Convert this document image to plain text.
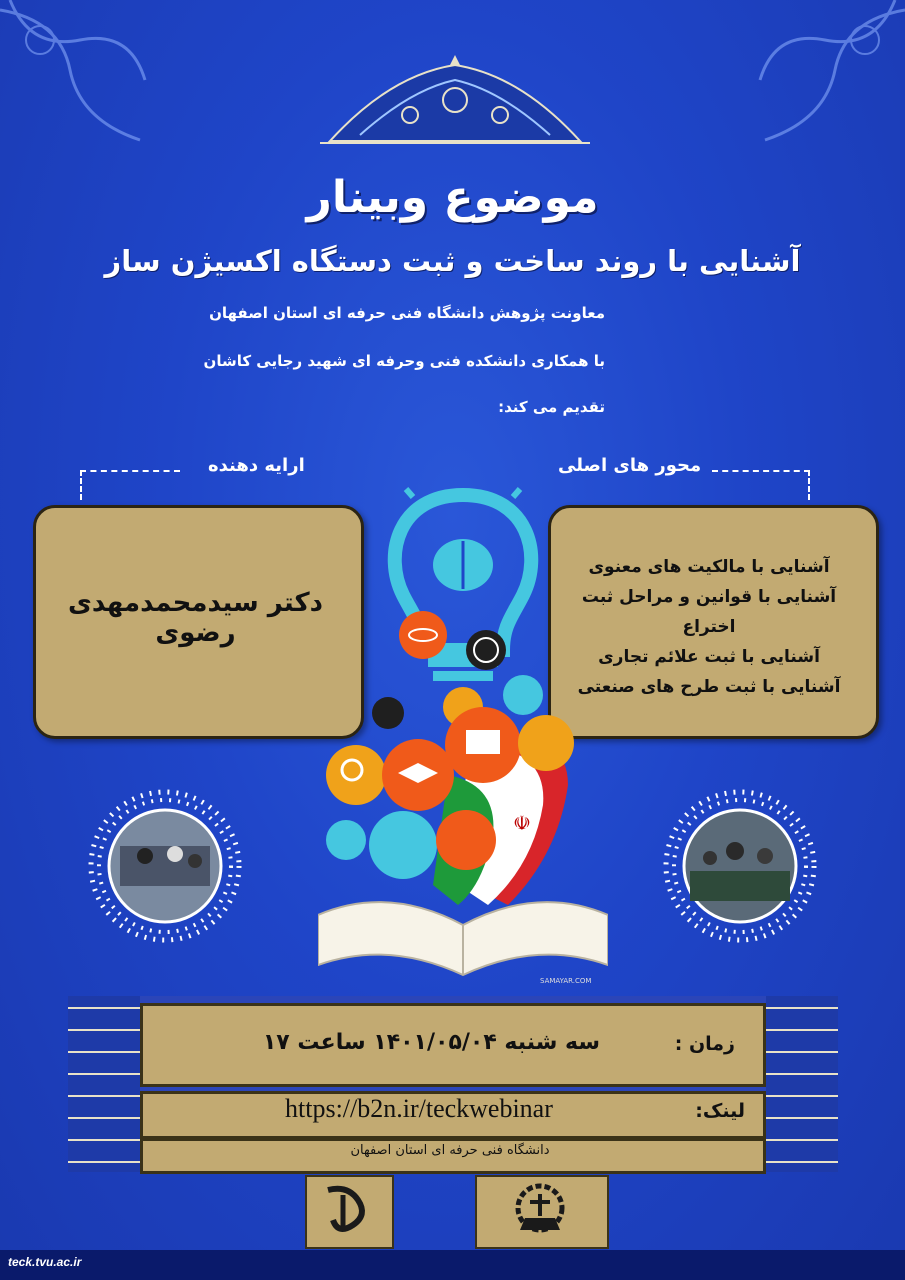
موضوع وبینار
آشنایی با روند ساخت و ثبت دستگاه اکسیژن ساز
معاونت پژوهش دانشگاه فنی حرفه ای استان اصفهان
با همکاری دانشکده فنی وحرفه ای شهید رجایی کاشان
تقدیم می کند:
ارایه دهنده
دکتر سیدمحمدمهدی رضوی
محور های اصلی
آشنایی با مالکیت های معنوی
آشنایی با قوانین و مراحل ثبت اختراع
آشنایی با ثبت علائم تجاری
آشنایی با ثبت طرح های صنعتی
☫
SAMAYAR.COM
زمان :
سه شنبه ۱۴۰۱/۰۵/۰۴ ساعت ۱۷
لینک:
https://b2n.ir/teckwebinar
دانشگاه فنی حرفه ای استان اصفهان
teck.tvu.ac.ir
